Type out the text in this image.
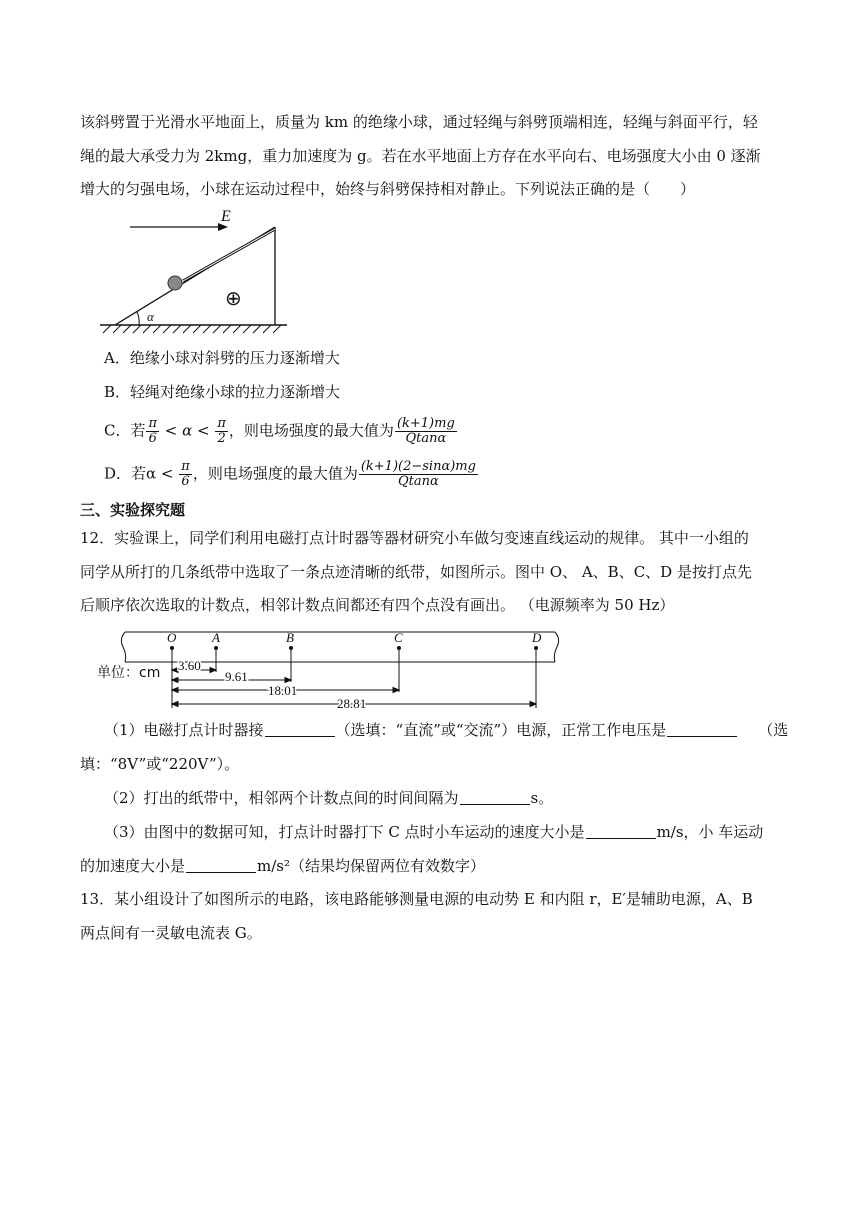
该斜劈置于光滑水平地面上，质量为 km 的绝缘小球，通过轻绳与斜劈顶端相连，轻绳与斜面平行，轻
绳的最大承受力为 2kmg，重力加速度为 g。若在水平地面上方存在水平向右、电场强度大小由 0 逐渐
增大的匀强电场，小球在运动过程中，始终与斜劈保持相对静止。下列说法正确的是（　　）
E
⊕
α
A．绝缘小球对斜劈的压力逐渐增大
B．轻绳对绝缘小球的拉力逐渐增大
C．若 $\frac{\pi}{6} < \alpha < \frac{\pi}{2}$ ，则电场强度的最大值为 $\frac{(k+1)mg}{Qtan\alpha}$
D．若$\alpha < \frac{\pi}{6}$ ，则电场强度的最大值为 $\frac{(k+1)(2-\sin\alpha)mg}{Qtan\alpha}$
三、实验探究题
12．实验课上，同学们利用电磁打点计时器等器材研究小车做匀变速直线运动的规律。 其中一小组的
同学从所打的几条纸带中选取了一条点迹清晰的纸带，如图所示。图中 O、 A、B、C、D 是按打点先
后顺序依次选取的计数点，相邻计数点间都还有四个点没有画出。 （电源频率为 50 Hz）
单位：cm
O	A	B	C	D
3.60
9.61
18.01
28.81
（1）电磁打点计时器接	（选填：“直流”或“交流”）电源，正常工作电压是	（选
填：“8V”或“220V”）。
（2）打出的纸带中，相邻两个计数点间的时间间隔为	s。
（3）由图中的数据可知，打点计时器打下 C 点时小车运动的速度大小是	m/s，小 车运动
的加速度大小是	m/s²（结果均保留两位有效数字）
13．某小组设计了如图所示的电路，该电路能够测量电源的电动势 E 和内阻 r，E′是辅助电源，A、B
两点间有一灵敏电流表 G。
